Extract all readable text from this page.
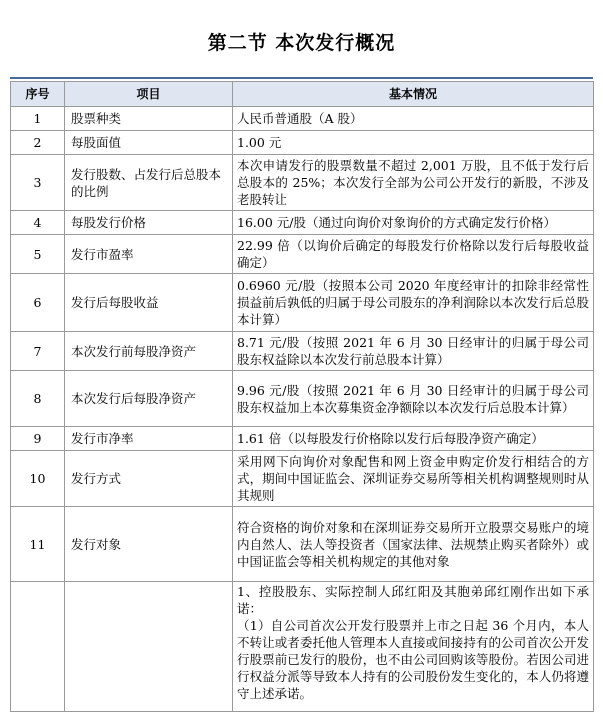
第二节 本次发行概况
序号	项目	基本情况
1	股票种类	人民币普通股（A 股）

2	每股面值	1.00 元

3	发行股数、占发行后总股本的比例	本次申请发行的股票数量不超过 2,001 万股，且不低于发行后总股本的 25%；本次发行全部为公司公开发行的新股，不涉及老股转让

4	每股发行价格	16.00 元/股（通过向询价对象询价的方式确定发行价格）

5	发行市盈率	22.99 倍（以询价后确定的每股发行价格除以发行后每股收益确定）

6	发行后每股收益	0.6960 元/股（按照本公司 2020 年度经审计的扣除非经常性损益前后孰低的归属于母公司股东的净利润除以本次发行后总股本计算）

7	本次发行前每股净资产	8.71 元/股（按照 2021 年 6 月 30 日经审计的归属于母公司股东权益除以本次发行前总股本计算）

8	本次发行后每股净资产	9.96 元/股（按照 2021 年 6 月 30 日经审计的归属于母公司股东权益加上本次募集资金净额除以本次发行后总股本计算）

9	发行市净率	1.61 倍（以每股发行价格除以发行后每股净资产确定）

10	发行方式	采用网下向询价对象配售和网上资金申购定价发行相结合的方式，期间中国证监会、深圳证券交易所等相关机构调整规则时从其规则

11	发行对象	符合资格的询价对象和在深圳证券交易所开立股票交易账户的境内自然人、法人等投资者（国家法律、法规禁止购买者除外）或中国证监会等相关机构规定的其他对象

		1、控股股东、实际控制人邱红阳及其胞弟邱红刚作出如下承诺：

（1）自公司首次公开发行股票并上市之日起 36 个月内，本人不转让或者委托他人管理本人直接或间接持有的公司首次公开发行股票前已发行的股份，也不由公司回购该等股份。若因公司进行权益分派等导致本人持有的公司股份发生变化的，本人仍将遵守上述承诺。
